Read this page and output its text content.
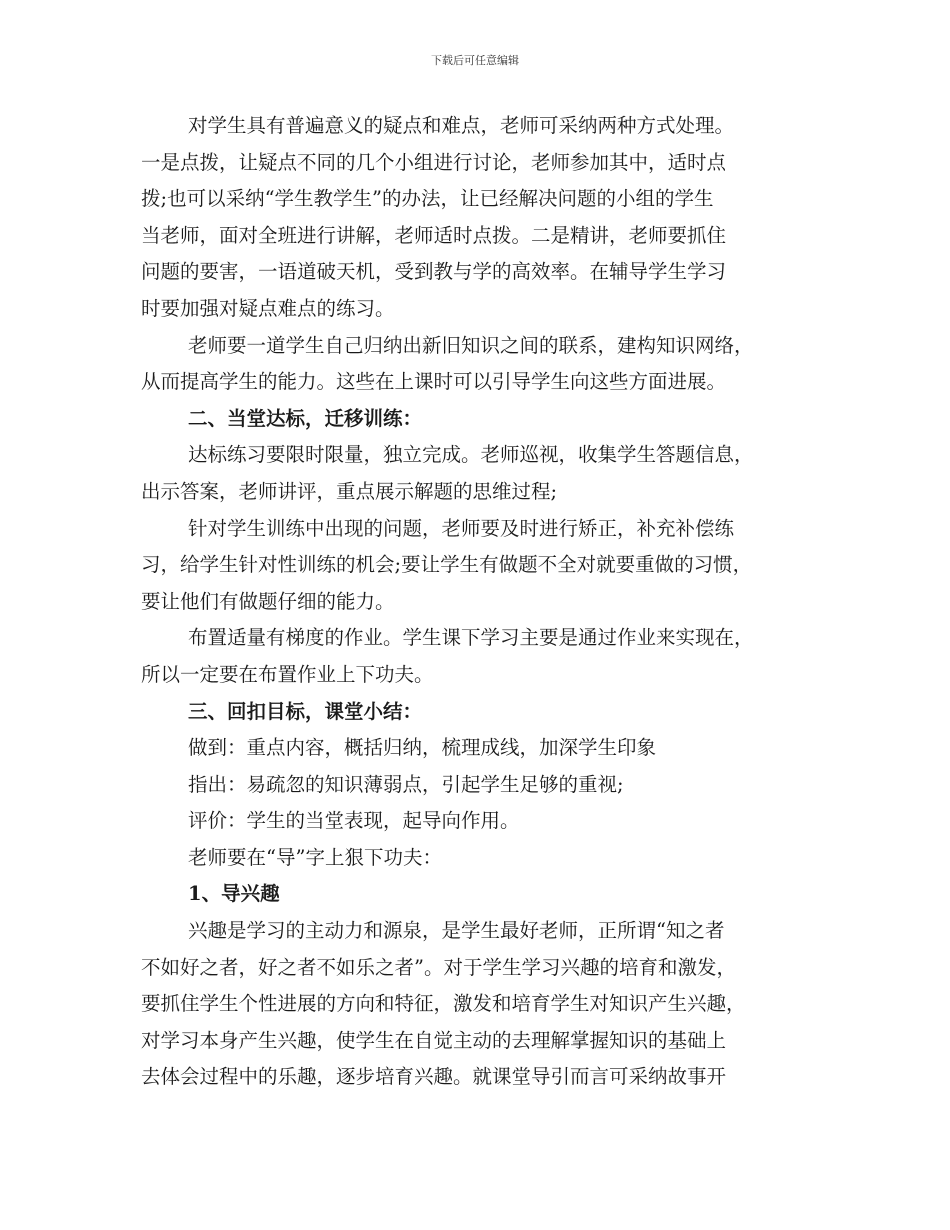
下载后可任意编辑
对学生具有普遍意义的疑点和难点，老师可采纳两种方式处理。
一是点拨，让疑点不同的几个小组进行讨论，老师参加其中，适时点
拨;也可以采纳“学生教学生”的办法，让已经解决问题的小组的学生
当老师，面对全班进行讲解，老师适时点拨。二是精讲，老师要抓住
问题的要害，一语道破天机，受到教与学的高效率。在辅导学生学习
时要加强对疑点难点的练习。
老师要一道学生自己归纳出新旧知识之间的联系，建构知识网络，
从而提高学生的能力。这些在上课时可以引导学生向这些方面进展。
二、当堂达标，迁移训练：
达标练习要限时限量，独立完成。老师巡视，收集学生答题信息，
出示答案，老师讲评，重点展示解题的思维过程;
针对学生训练中出现的问题，老师要及时进行矫正，补充补偿练
习，给学生针对性训练的机会;要让学生有做题不全对就要重做的习惯，
要让他们有做题仔细的能力。
布置适量有梯度的作业。学生课下学习主要是通过作业来实现在，
所以一定要在布置作业上下功夫。
三、回扣目标，课堂小结：
做到：重点内容，概括归纳，梳理成线，加深学生印象
指出：易疏忽的知识薄弱点，引起学生足够的重视;
评价：学生的当堂表现，起导向作用。
老师要在“导”字上狠下功夫：
1、导兴趣
兴趣是学习的主动力和源泉，是学生最好老师，正所谓“知之者
不如好之者，好之者不如乐之者”。对于学生学习兴趣的培育和激发，
要抓住学生个性进展的方向和特征，激发和培育学生对知识产生兴趣，
对学习本身产生兴趣，使学生在自觉主动的去理解掌握知识的基础上
去体会过程中的乐趣，逐步培育兴趣。就课堂导引而言可采纳故事开
